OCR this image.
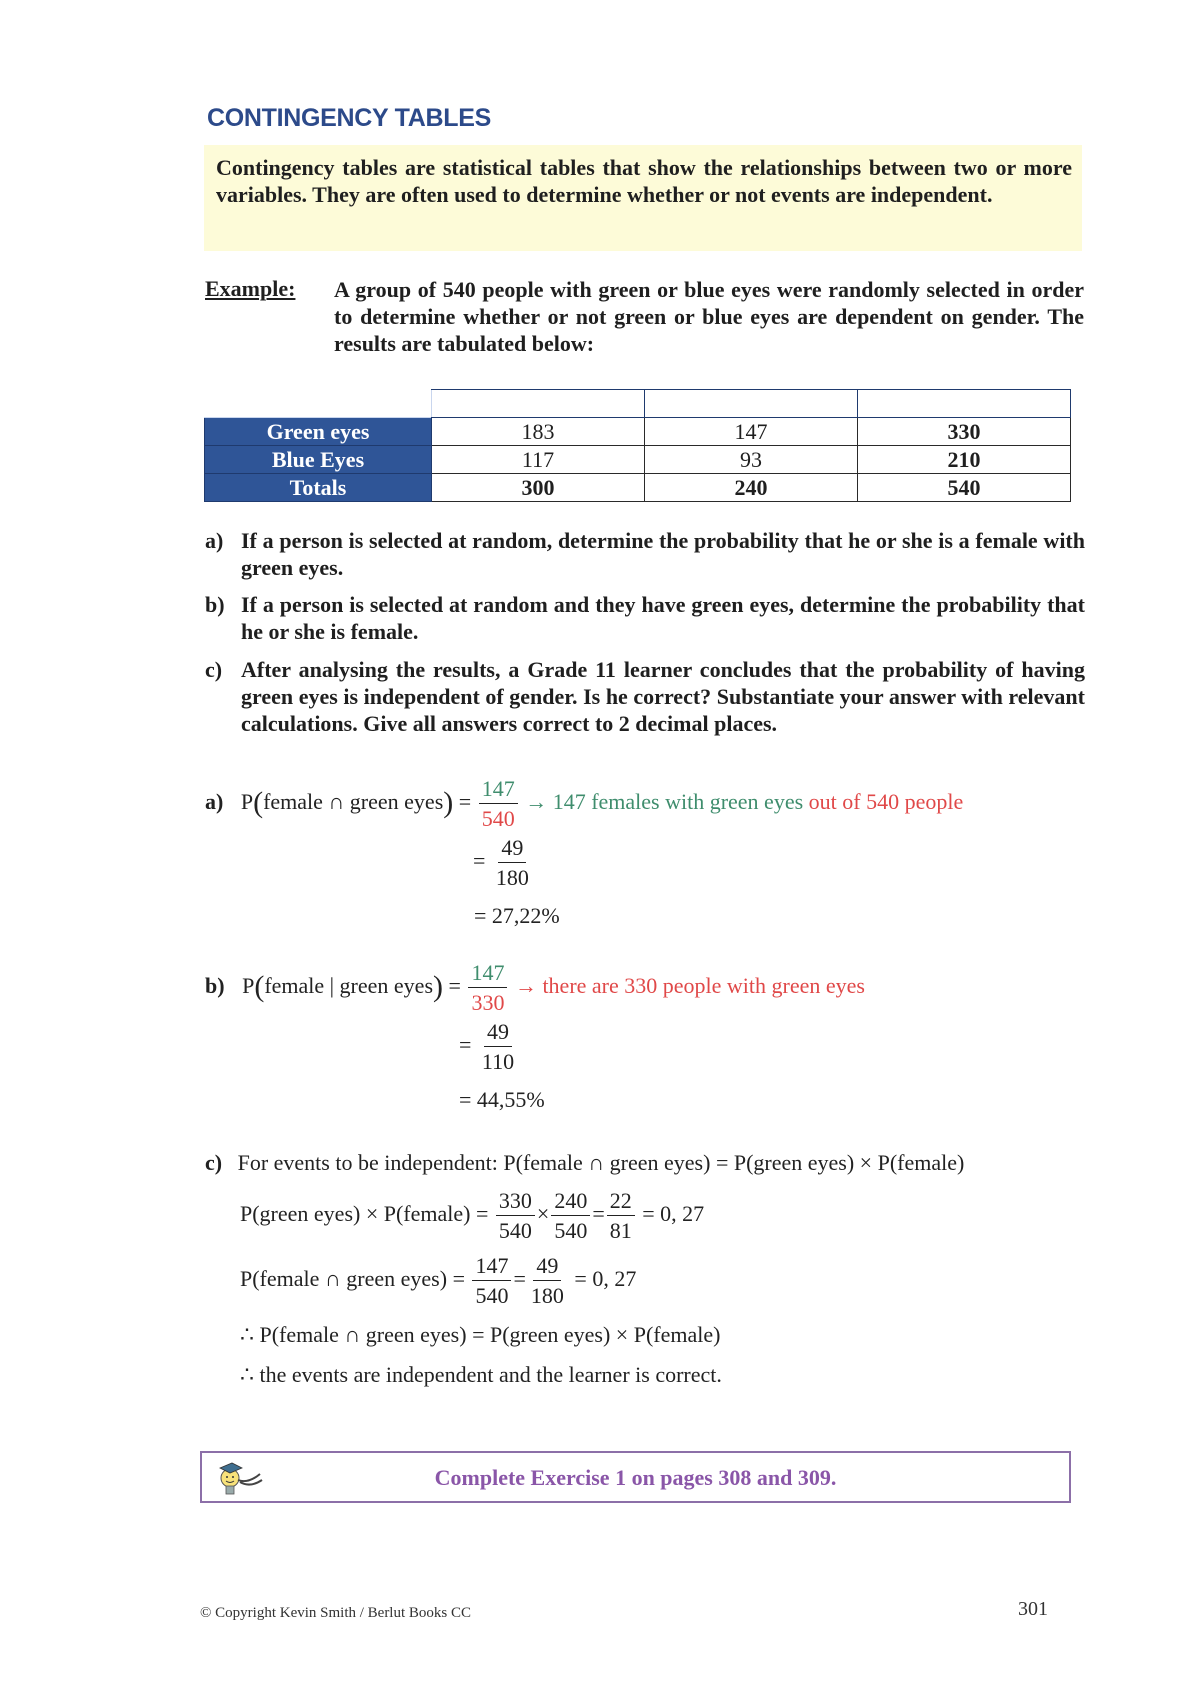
CONTINGENCY TABLES

Contingency tables are statistical tables that show the relationships between two or more variables. They are often used to determine whether or not events are independent.

Example: A group of 540 people with green or blue eyes were randomly selected in order to determine whether or not green or blue eyes are dependent on gender. The results are tabulated below:

	Male	Female	Totals
Green eyes	183	147	330
Blue Eyes	117	93	210
Totals	300	240	540
a) If a person is selected at random, determine the probability that he or she is a female with green eyes.
b) If a person is selected at random and they have green eyes, determine the probability that he or she is female.
c) After analysing the results, a Grade 11 learner concludes that the probability of having green eyes is independent of gender. Is he correct? Substantiate your answer with relevant calculations. Give all answers correct to 2 decimal places.
a) P(female ∩ green eyes) = $\frac{147}{540} \to 147$ females with green eyes out of 540 people
= $\frac{49}{180}$
= 27,22%
b) P(female | green eyes) = $\frac{147}{330}$ → there are 330 people with green eyes
= $\frac{49}{110}$
= 44,55%
c) For events to be independent: P(female ∩ green eyes) = P(green eyes) × P(female)
P(green eyes) × P(female) = $\frac{330}{540} \times \frac{240}{540} = \frac{22}{81} = 0$, 27
P(female ∩ green eyes) = $\frac{147}{540} = \frac{49}{180} = 0$, 27
∴ P(female ∩ green eyes) = P(green eyes) × P(female)
∴ the events are independent and the learner is correct.
Complete Exercise 1 on pages 308 and 309.
© Copyright Kevin Smith / Berlut Books CC	301
